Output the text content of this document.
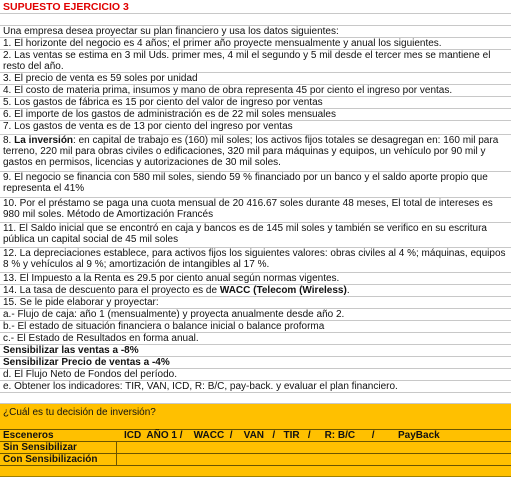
SUPUESTO EJERCICIO 3
Una empresa desea proyectar su plan financiero y usa los datos siguientes:
1. El horizonte del negocio es 4 años; el primer año proyecte mensualmente y anual los siguientes.
2. Las ventas se estima en 3 mil Uds. primer mes, 4 mil el segundo y 5 mil desde el tercer mes se mantiene el resto del año.
3. El precio de venta es 59 soles por unidad
4. El costo de materia prima, insumos y mano de obra representa 45 por ciento el ingreso por ventas.
5. Los gastos de fábrica es 15 por ciento del valor de ingreso por ventas
6. El importe de los gastos de administración es de 22 mil soles mensuales
7. Los gastos de venta es de 13 por ciento del ingreso por ventas
8. La inversión: en capital de trabajo es (160) mil soles; los activos fijos totales se desagregan en: 160 mil para terreno, 220 mil para obras civiles o edificaciones, 320 mil para máquinas y equipos, un vehículo por 90 mil y gastos en permisos, licencias y autorizaciones de 30 mil soles.
9. El negocio se financia con 580 mil soles, siendo 59 % financiado por un banco y el saldo aporte propio que representa el 41%
10. Por el préstamo se paga una cuota mensual de 20 416.67 soles durante 48 meses, El total de intereses es 980 mil soles. Método de Amortización Francés
11. El Saldo inicial que se encontró en caja y bancos es de 145 mil soles y también se verifico en su escritura pública un capital social de 45 mil soles
12. La depreciaciones establece, para activos fijos los siguientes valores: obras civiles al 4 %; máquinas, equipos 8 % y vehículos al 9 %; amortización de intangibles al 17 %.
13. El Impuesto a la Renta es 29.5 por ciento anual según normas vigentes.
14. La tasa de descuento para el proyecto es de WACC (Telecom (Wireless).
15. Se le pide elaborar y proyectar:
a.- Flujo de caja: año 1 (mensualmente) y proyecta anualmente desde año 2.
b.- El estado de situación financiera o balance inicial o balance proforma
c.- El Estado de Resultados en forma anual.
Sensibilizar las ventas a -8%
Sensibilizar Precio de ventas a -4%
d. El Flujo Neto de Fondos del período.
e. Obtener los indicadores: TIR, VAN, ICD, R: B/C, pay-back. y evaluar el plan financiero.
¿Cuál es tu decisión de inversión?
Esceneros	ICD  AÑO 1 /    WACC  /    VAN   /   TIR   /     R: B/C      / PayBack
Sin Sensibilizar
Con Sensibilización
